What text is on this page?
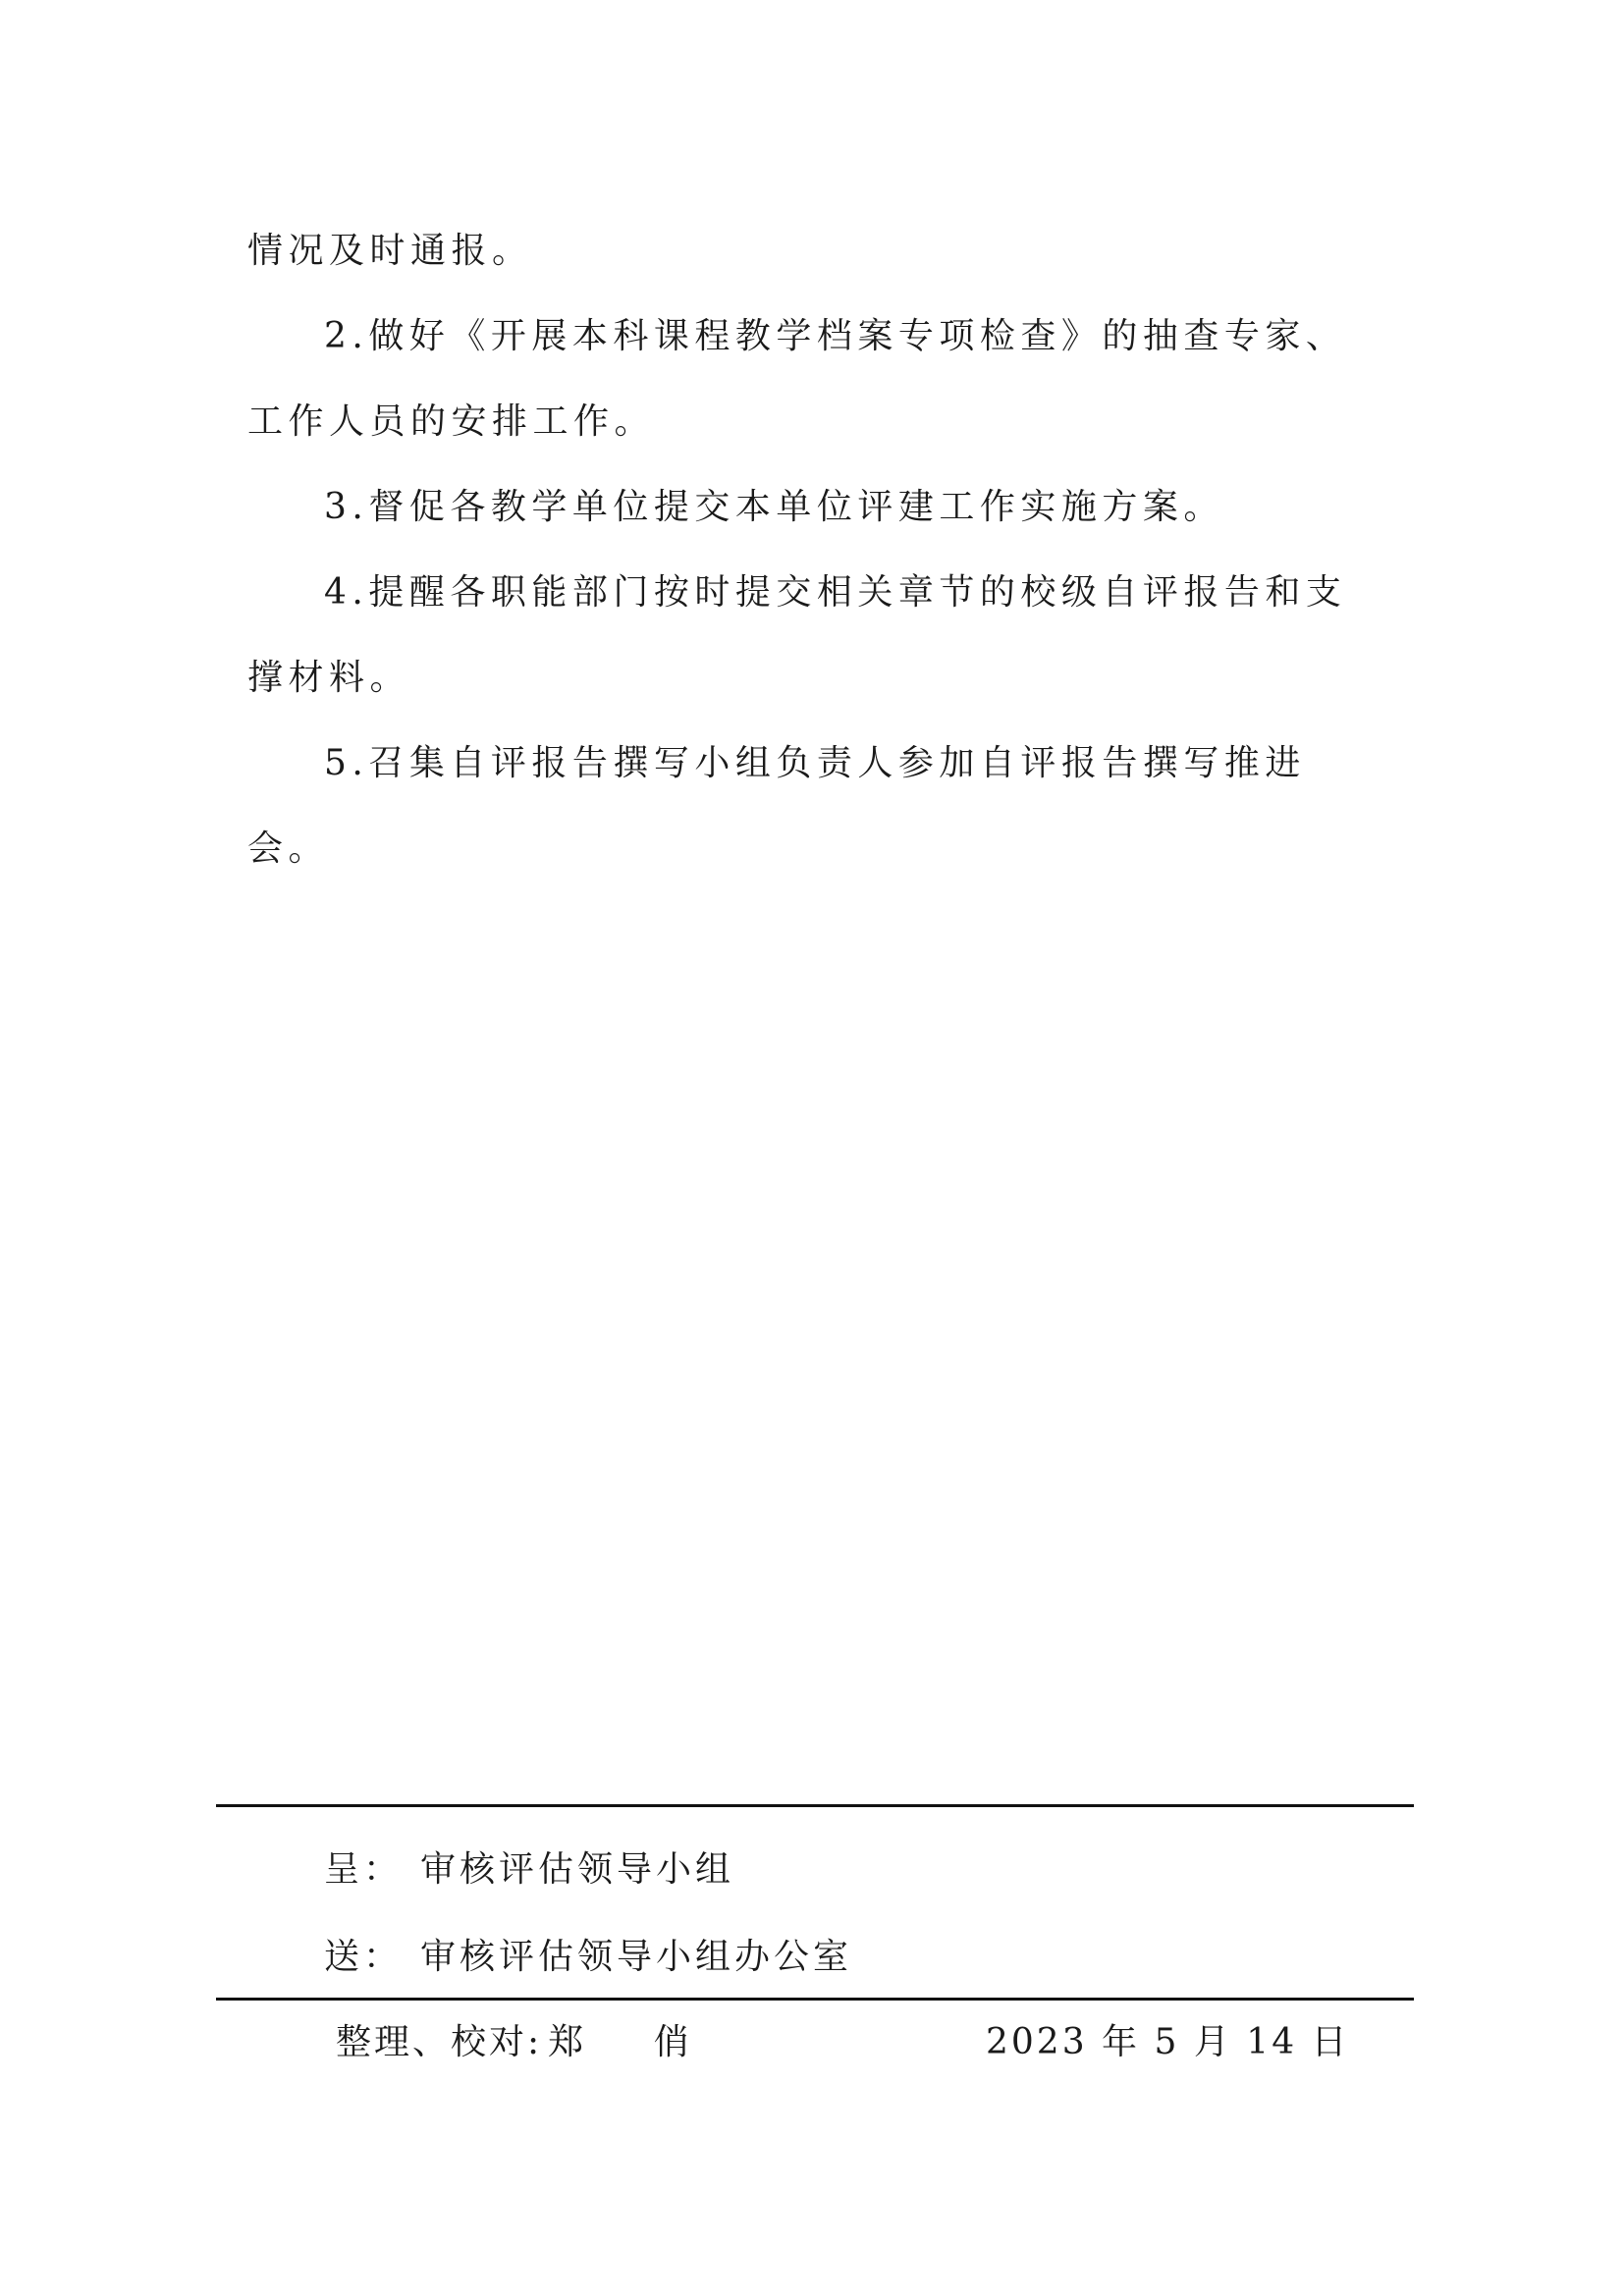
情况及时通报。

2.做好《开展本科课程教学档案专项检查》的抽查专家、工作人员的安排工作。

3.督促各教学单位提交本单位评建工作实施方案。

4.提醒各职能部门按时提交相关章节的校级自评报告和支撑材料。

5.召集自评报告撰写小组负责人参加自评报告撰写推进会。

呈： 审核评估领导小组
送： 审核评估领导小组办公室
整理、校对: 郑 俏	2023 年 5 月 14 日
